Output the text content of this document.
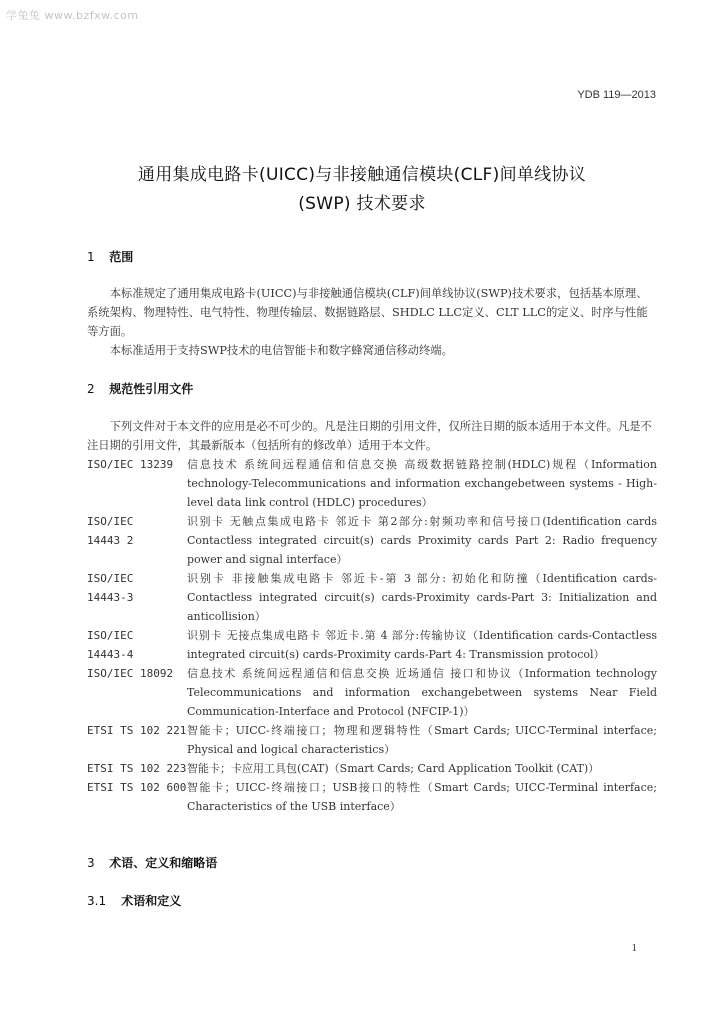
学兔兔 www.bzfxw.com
YDB 119—2013
通用集成电路卡(UICC)与非接触通信模块(CLF)间单线协议
(SWP) 技术要求
1 范围
本标准规定了通用集成电路卡(UICC)与非接触通信模块(CLF)间单线协议(SWP)技术要求，包括基本原理、系统架构、物理特性、电气特性、物理传输层、数据链路层、SHDLC LLC定义、CLT LLC的定义、时序与性能等方面。
本标准适用于支持SWP技术的电信智能卡和数字蜂窝通信移动终端。
2 规范性引用文件
下列文件对于本文件的应用是必不可少的。凡是注日期的引用文件，仅所注日期的版本适用于本文件。凡是不注日期的引用文件，其最新版本（包括所有的修改单）适用于本文件。
ISO/IEC 13239	信息技术 系统间远程通信和信息交换 高级数据链路控制(HDLC)规程（Information technology-Telecommunications and information exchangebetween systems - High-level data link control (HDLC) procedures）
ISO/IEC
14443 2
识别卡 无触点集成电路卡 邻近卡 第2部分:射频功率和信号接口(Identification cards Contactless integrated circuit(s) cards Proximity cards Part 2: Radio frequency power and signal interface）
ISO/IEC
14443-3
识别卡 非接触集成电路卡 邻近卡-第 3 部分: 初始化和防撞（Identification cards-Contactless integrated circuit(s) cards-Proximity cards-Part 3: Initialization and anticollision）
ISO/IEC
14443-4
识别卡 无接点集成电路卡 邻近卡.第 4 部分:传输协议（Identification cards-Contactless integrated circuit(s) cards-Proximity cards-Part 4: Transmission protocol）
ISO/IEC 18092	信息技术 系统间远程通信和信息交换 近场通信 接口和协议（Information technology Telecommunications and information exchangebetween systems Near Field Communication-Interface and Protocol (NFCIP-1)）
ETSI TS 102 221 智能卡；UICC-终端接口；物理和逻辑特性（Smart Cards; UICC-Terminal interface; Physical and logical characteristics）
ETSI TS 102 223 智能卡；卡应用工具包(CAT)（Smart Cards; Card Application Toolkit (CAT)）
ETSI TS 102 600 智能卡；UICC-终端接口；USB接口的特性（Smart Cards; UICC-Terminal interface; Characteristics of the USB interface）
3 术语、定义和缩略语
3.1 术语和定义
1
